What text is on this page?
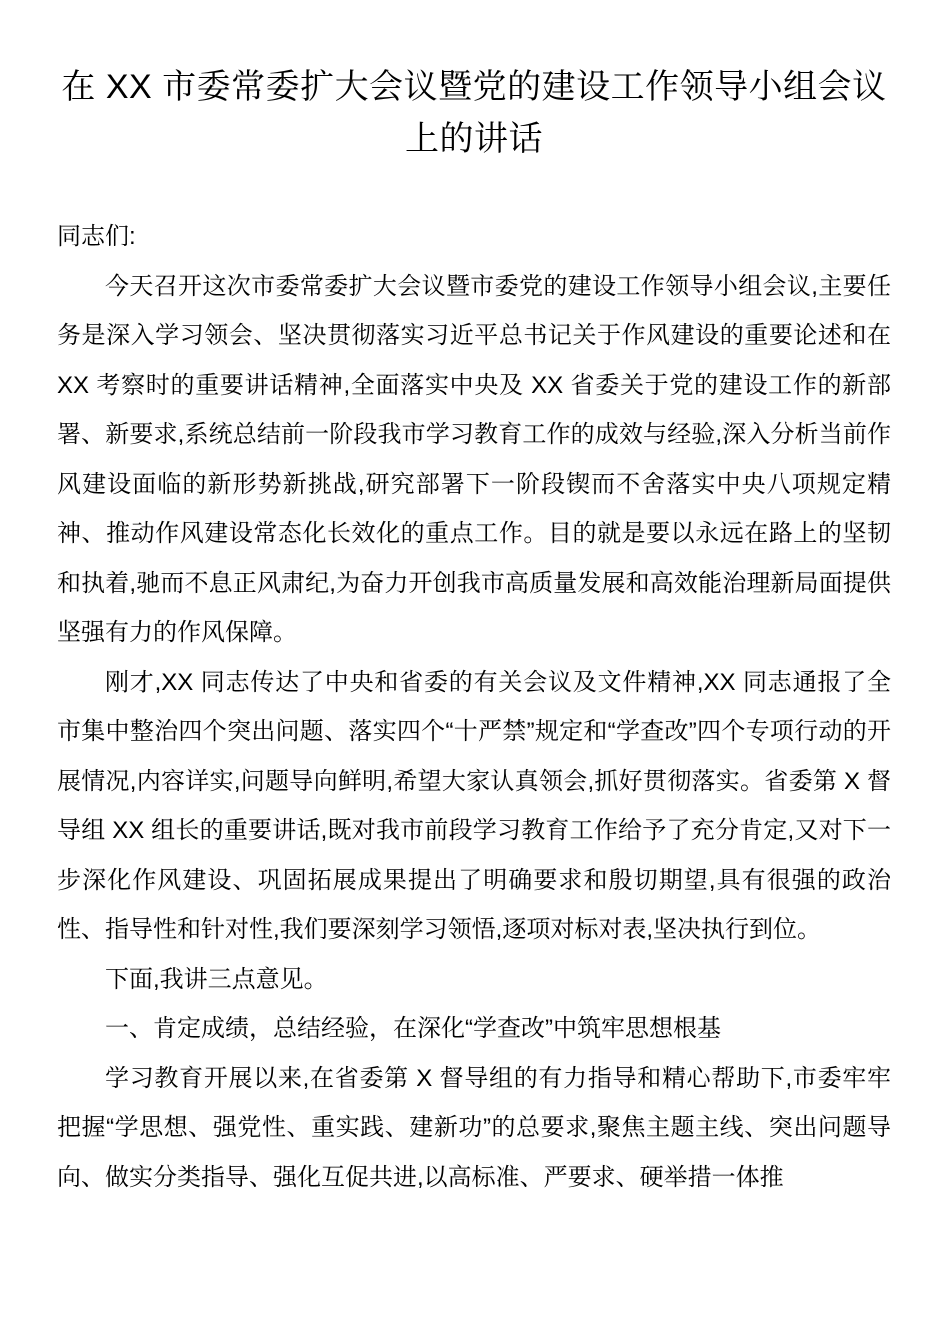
在 XX 市委常委扩大会议暨党的建设工作领导小组会议上的讲话

同志们:

今天召开这次市委常委扩大会议暨市委党的建设工作领导小组会议,主要任务是深入学习领会、坚决贯彻落实习近平总书记关于作风建设的重要论述和在 XX 考察时的重要讲话精神,全面落实中央及 XX 省委关于党的建设工作的新部署、新要求,系统总结前一阶段我市学习教育工作的成效与经验,深入分析当前作风建设面临的新形势新挑战,研究部署下一阶段锲而不舍落实中央八项规定精神、推动作风建设常态化长效化的重点工作。目的就是要以永远在路上的坚韧和执着,驰而不息正风肃纪,为奋力开创我市高质量发展和高效能治理新局面提供坚强有力的作风保障。

刚才,XX 同志传达了中央和省委的有关会议及文件精神,XX 同志通报了全市集中整治四个突出问题、落实四个“十严禁”规定和“学查改”四个专项行动的开展情况,内容详实,问题导向鲜明,希望大家认真领会,抓好贯彻落实。省委第 X 督导组 XX 组长的重要讲话,既对我市前段学习教育工作给予了充分肯定,又对下一步深化作风建设、巩固拓展成果提出了明确要求和殷切期望,具有很强的政治性、指导性和针对性,我们要深刻学习领悟,逐项对标对表,坚决执行到位。

下面,我讲三点意见。

一、肯定成绩，总结经验，在深化“学查改”中筑牢思想根基

学习教育开展以来,在省委第 X 督导组的有力指导和精心帮助下,市委牢牢把握“学思想、强党性、重实践、建新功”的总要求,聚焦主题主线、突出问题导向、做实分类指导、强化互促共进,以高标准、严要求、硬举措一体推
